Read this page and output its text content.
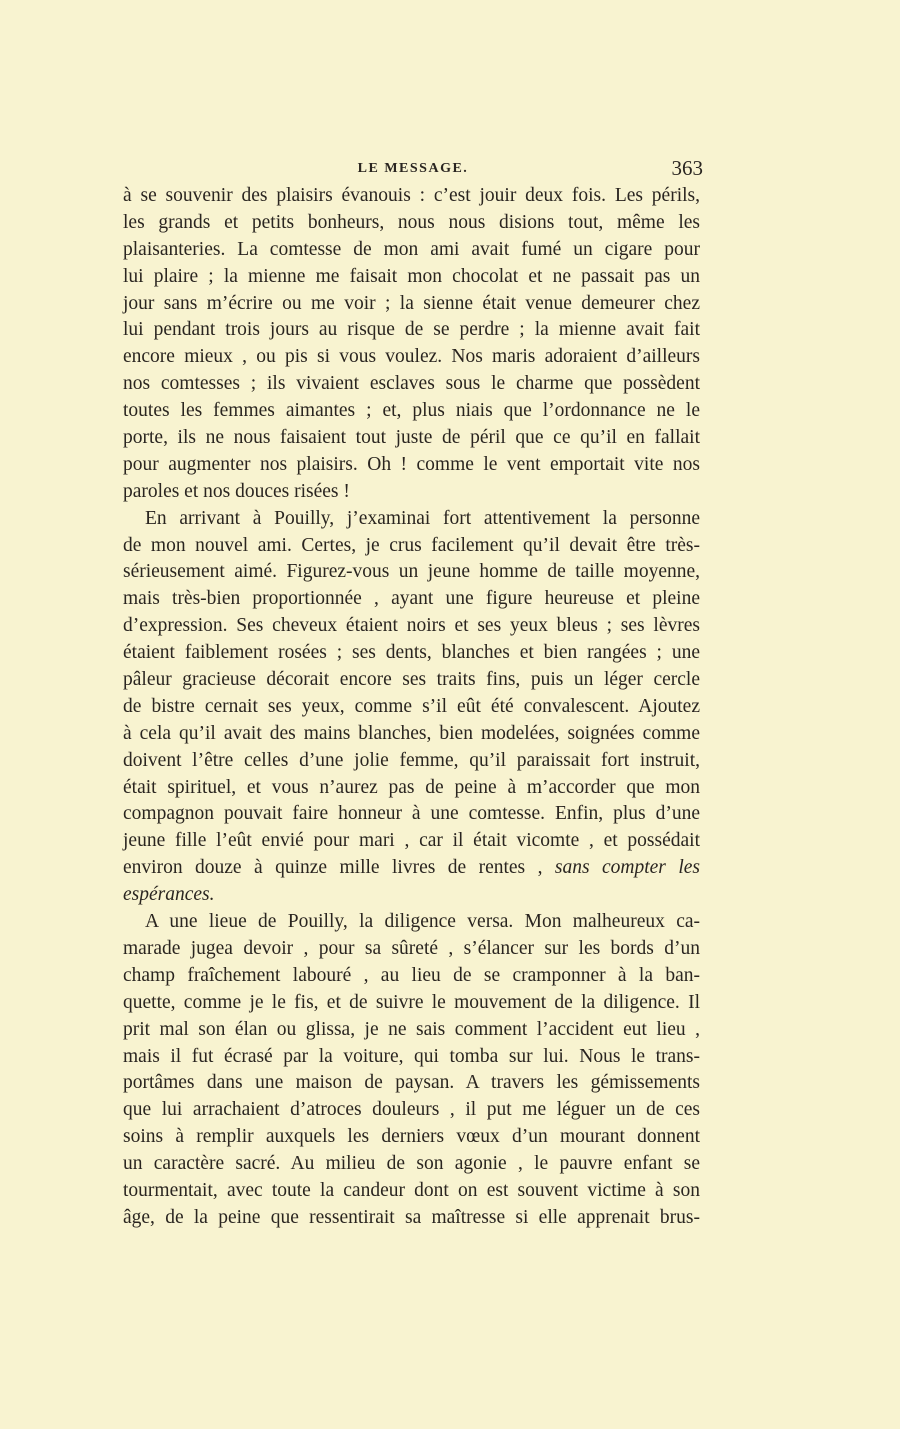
LE MESSAGE.	363
à se souvenir des plaisirs évanouis : c’est jouir deux fois. Les périls,
les grands et petits bonheurs, nous nous disions tout, même les
plaisanteries. La comtesse de mon ami avait fumé un cigare pour
lui plaire ; la mienne me faisait mon chocolat et ne passait pas un
jour sans m’écrire ou me voir ; la sienne était venue demeurer chez
lui pendant trois jours au risque de se perdre ; la mienne avait fait
encore mieux , ou pis si vous voulez. Nos maris adoraient d’ailleurs
nos comtesses ; ils vivaient esclaves sous le charme que possèdent
toutes les femmes aimantes ; et, plus niais que l’ordonnance ne le
porte, ils ne nous faisaient tout juste de péril que ce qu’il en fallait
pour augmenter nos plaisirs. Oh ! comme le vent emportait vite nos
paroles et nos douces risées !
En arrivant à Pouilly, j’examinai fort attentivement la personne
de mon nouvel ami. Certes, je crus facilement qu’il devait être très-
sérieusement aimé. Figurez-vous un jeune homme de taille moyenne,
mais très-bien proportionnée , ayant une figure heureuse et pleine
d’expression. Ses cheveux étaient noirs et ses yeux bleus ; ses lèvres
étaient faiblement rosées ; ses dents, blanches et bien rangées ; une
pâleur gracieuse décorait encore ses traits fins, puis un léger cercle
de bistre cernait ses yeux, comme s’il eût été convalescent. Ajoutez
à cela qu’il avait des mains blanches, bien modelées, soignées comme
doivent l’être celles d’une jolie femme, qu’il paraissait fort instruit,
était spirituel, et vous n’aurez pas de peine à m’accorder que mon
compagnon pouvait faire honneur à une comtesse. Enfin, plus d’une
jeune fille l’eût envié pour mari , car il était vicomte , et possédait
environ douze à quinze mille livres de rentes , sans compter les
espérances.
A une lieue de Pouilly, la diligence versa. Mon malheureux ca-
marade jugea devoir , pour sa sûreté , s’élancer sur les bords d’un
champ fraîchement labouré , au lieu de se cramponner à la ban-
quette, comme je le fis, et de suivre le mouvement de la diligence. Il
prit mal son élan ou glissa, je ne sais comment l’accident eut lieu ,
mais il fut écrasé par la voiture, qui tomba sur lui. Nous le trans-
portâmes dans une maison de paysan. A travers les gémissements
que lui arrachaient d’atroces douleurs , il put me léguer un de ces
soins à remplir auxquels les derniers vœux d’un mourant donnent
un caractère sacré. Au milieu de son agonie , le pauvre enfant se
tourmentait, avec toute la candeur dont on est souvent victime à son
âge, de la peine que ressentirait sa maîtresse si elle apprenait brus-
